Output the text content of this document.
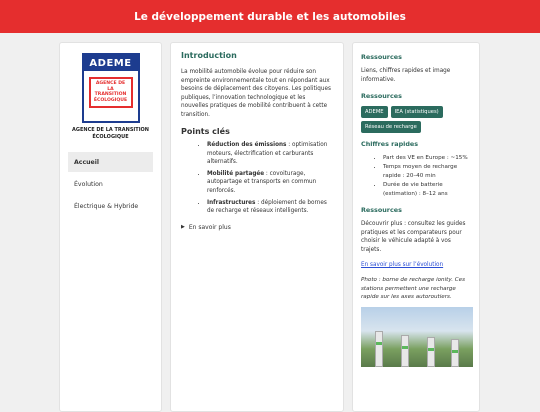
Le développement durable et les automobiles
ADEME
AGENCE DE LA
TRANSITION
ÉCOLOGIQUE
AGENCE DE LA TRANSITION ÉCOLOGIQUE
Accueil
Évolution
Électrique & Hybride
Introduction

La mobilité automobile évolue pour réduire son empreinte environnementale tout en répondant aux besoins de déplacement des citoyens. Les politiques publiques, l’innovation technologique et les nouvelles pratiques de mobilité contribuent à cette transition.

Points clés
• Réduction des émissions : optimisation moteurs, électrification et carburants alternatifs.
• Mobilité partagée : covoiturage, autopartage et transports en commun renforcés.
• Infrastructures : déploiement de bornes de recharge et réseaux intelligents.
▶ En savoir plus
Ressources

Liens, chiffres rapides et image informative.

Ressources
ADEME	IEA (statistiques)
Réseau de recharge
Chiffres rapides
• Part des VE en Europe : ~15%
• Temps moyen de recharge rapide : 20–40 min
• Durée de vie batterie (estimation) : 8–12 ans
Ressources

Découvrir plus : consultez les guides pratiques et les comparateurs pour choisir le véhicule adapté à vos trajets.

En savoir plus sur l’évolution

Photo : borne de recharge ionity. Ces stations permettent une recharge rapide sur les axes autoroutiers.
